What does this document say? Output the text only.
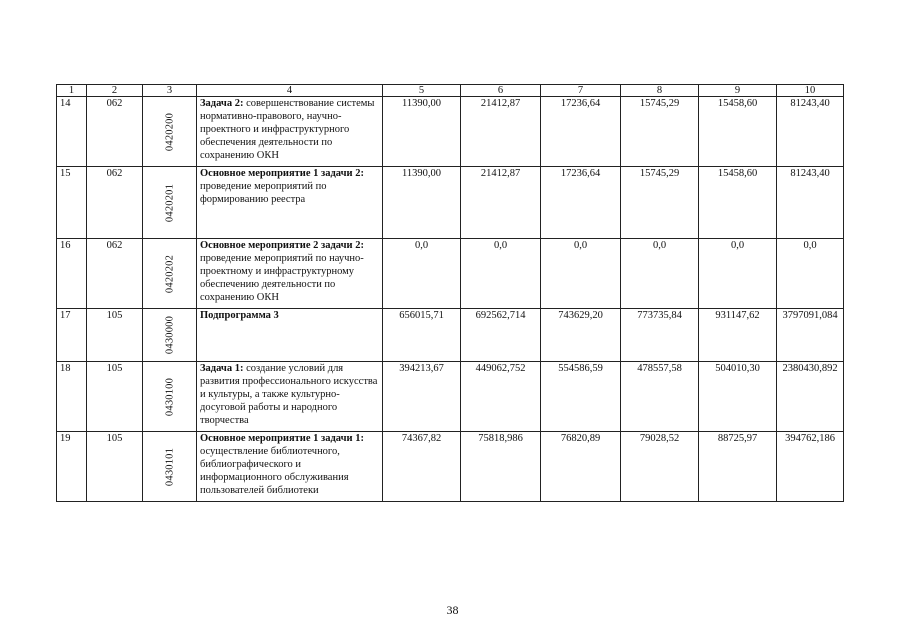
1	2	3	4	5	6	7	8	9	10
14	062	0420200	Задача 2: совершенствование системы нормативно-правового, научно-проектного и инфраструктурного обеспечения деятельности по сохранению ОКН	11390,00	21412,87	17236,64	15745,29	15458,60	81243,40
15	062	0420201	Основное мероприятие 1 задачи 2: проведение мероприятий по формированию реестра	11390,00	21412,87	17236,64	15745,29	15458,60	81243,40
16	062	0420202	Основное мероприятие 2 задачи 2: проведение мероприятий по научно-проектному и инфраструктурному обеспечению деятельности по сохранению ОКН	0,0	0,0	0,0	0,0	0,0	0,0
17	105	0430000	Подпрограмма 3	656015,71	692562,714	743629,20	773735,84	931147,62	3797091,084
18	105	0430100	Задача 1: создание условий для развития профессионального искусства и культуры, а также культурно-досуговой работы и народного творчества	394213,67	449062,752	554586,59	478557,58	504010,30	2380430,892
19	105	0430101	Основное мероприятие 1 задачи 1: осуществление библиотечного, библиографического и информационного обслуживания пользователей библиотеки	74367,82	75818,986	76820,89	79028,52	88725,97	394762,186
38
